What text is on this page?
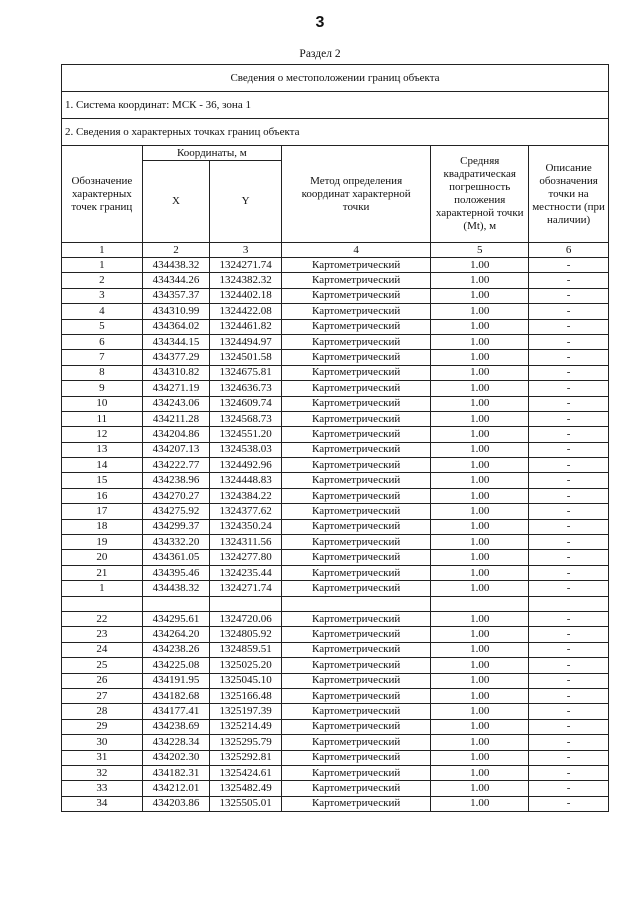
3
Раздел 2
Сведения о местоположении границ объекта					
1. Система координат: МСК - 36, зона 1					
2. Сведения о характерных точках границ объекта					
Обозначение характерных точек границ	Координаты, м		Метод определения координат характерной точки	Средняя квадратическая погрешность положения характерной точки (Mt), м	Описание обозначения точки на местности (при наличии)
	X	Y			
1	2	3	4	5	6
1	434438.32	1324271.74	Картометрический	1.00	-
2	434344.26	1324382.32	Картометрический	1.00	-
3	434357.37	1324402.18	Картометрический	1.00	-
4	434310.99	1324422.08	Картометрический	1.00	-
5	434364.02	1324461.82	Картометрический	1.00	-
6	434344.15	1324494.97	Картометрический	1.00	-
7	434377.29	1324501.58	Картометрический	1.00	-
8	434310.82	1324675.81	Картометрический	1.00	-
9	434271.19	1324636.73	Картометрический	1.00	-
10	434243.06	1324609.74	Картометрический	1.00	-
11	434211.28	1324568.73	Картометрический	1.00	-
12	434204.86	1324551.20	Картометрический	1.00	-
13	434207.13	1324538.03	Картометрический	1.00	-
14	434222.77	1324492.96	Картометрический	1.00	-
15	434238.96	1324448.83	Картометрический	1.00	-
16	434270.27	1324384.22	Картометрический	1.00	-
17	434275.92	1324377.62	Картометрический	1.00	-
18	434299.37	1324350.24	Картометрический	1.00	-
19	434332.20	1324311.56	Картометрический	1.00	-
20	434361.05	1324277.80	Картометрический	1.00	-
21	434395.46	1324235.44	Картометрический	1.00	-
1	434438.32	1324271.74	Картометрический	1.00	-

22	434295.61	1324720.06	Картометрический	1.00	-
23	434264.20	1324805.92	Картометрический	1.00	-
24	434238.26	1324859.51	Картометрический	1.00	-
25	434225.08	1325025.20	Картометрический	1.00	-
26	434191.95	1325045.10	Картометрический	1.00	-
27	434182.68	1325166.48	Картометрический	1.00	-
28	434177.41	1325197.39	Картометрический	1.00	-
29	434238.69	1325214.49	Картометрический	1.00	-
30	434228.34	1325295.79	Картометрический	1.00	-
31	434202.30	1325292.81	Картометрический	1.00	-
32	434182.31	1325424.61	Картометрический	1.00	-
33	434212.01	1325482.49	Картометрический	1.00	-
34	434203.86	1325505.01	Картометрический	1.00	-
